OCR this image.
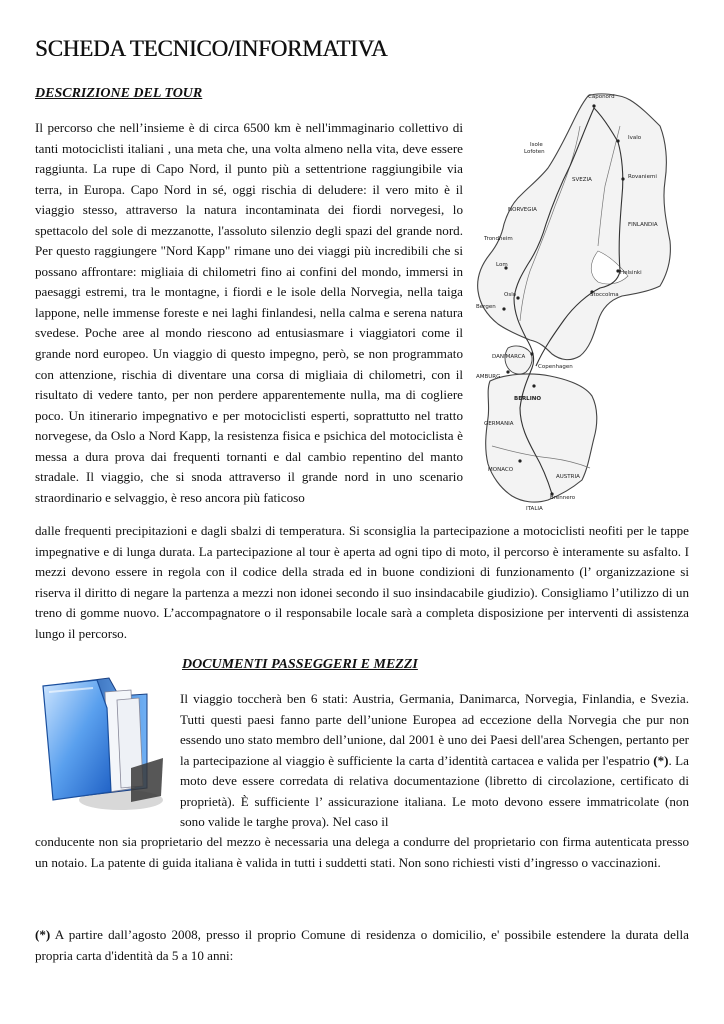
SCHEDA TECNICO/INFORMATIVA
DESCRIZIONE DEL TOUR

Il percorso che nell’insieme è di circa 6500 km è nell'immaginario collettivo di tanti motociclisti italiani , una meta che, una volta almeno nella vita, deve essere raggiunta. La rupe di Capo Nord, il punto più a settentrione raggiungibile via terra, in Europa. Capo Nord in sé, oggi rischia di deludere: il vero mito è il viaggio stesso, attraverso la natura incontaminata dei fiordi norvegesi, lo spettacolo del sole di mezzanotte, l'assoluto silenzio degli spazi del grande nord. Per questo raggiungere "Nord Kapp" rimane uno dei viaggi più incredibili che si possano affrontare: migliaia di chilometri fino ai confini del mondo, immersi in paesaggi estremi, tra le montagne, i fiordi e le isole della Norvegia, nella taiga lappone, nelle immense foreste e nei laghi finlandesi, nella calma e serena natura svedese. Poche aree al mondo riescono ad entusiasmare i viaggiatori come il grande nord europeo. Un viaggio di questo impegno, però, se non programmato con attenzione, rischia di diventare una corsa di migliaia di chilometri, con il risultato di vedere tanto, per non perdere apparentemente nulla, ma di cogliere poco. Un itinerario impegnativo e per motociclisti esperti, soprattutto nel tratto norvegese, da Oslo a Nord Kapp, la resistenza fisica e psichica del motociclista è messa a dura prova dai frequenti tornanti e dal cambio repentino del manto stradale. Il viaggio, che si snoda attraverso il grande nord in uno scenario straordinario e selvaggio, è reso ancora più faticoso

Caponord
Isole
Lofoten
Ivalo
Rovaniemi
SVEZIA
NORVEGIA
FINLANDIA
Trondheim
Lom
Helsinki
Bergen
Oslo	Stoccolma
Copenhagen
DANIMARCA
AMBURG
BERLINO
GERMANIA
MONACO
AUSTRIA
Brennero
ITALIA

dalle frequenti precipitazioni e dagli sbalzi di temperatura. Si sconsiglia la partecipazione a motociclisti neofiti per le tappe impegnative e di lunga durata. La partecipazione al tour è aperta ad ogni tipo di moto, il percorso è interamente su asfalto. I mezzi devono essere in regola con il codice della strada ed in buone condizioni di funzionamento (l’ organizzazione si riserva il diritto di negare la partenza a mezzi non idonei secondo il suo insindacabile giudizio). Consigliamo l’utilizzo di un treno di gomme nuovo. L’accompagnatore o il responsabile locale sarà a completa disposizione per interventi di assistenza lungo il percorso.

DOCUMENTI PASSEGGERI E MEZZI

Il viaggio toccherà ben 6 stati: Austria, Germania, Danimarca, Norvegia, Finlandia, e Svezia. Tutti questi paesi fanno parte dell’unione Europea ad eccezione della Norvegia che pur non essendo uno stato membro dell’unione, dal 2001 è uno dei Paesi dell'area Schengen, pertanto per la partecipazione al viaggio è sufficiente la carta d’identità cartacea e valida per l'espatrio (*). La moto deve essere corredata di relativa documentazione (libretto di circolazione, certificato di proprietà). È sufficiente l’ assicurazione italiana. Le moto devono essere immatricolate (non sono valide le targhe prova). Nel caso il

conducente non sia proprietario del mezzo è necessaria una delega a condurre del proprietario con firma autenticata presso un notaio. La patente di guida italiana è valida in tutti i suddetti stati. Non sono richiesti visti d’ingresso o vaccinazioni.

(*) A partire dall’agosto 2008, presso il proprio Comune di residenza o domicilio, e' possibile estendere la durata della propria carta d'identità da 5 a 10 anni:
